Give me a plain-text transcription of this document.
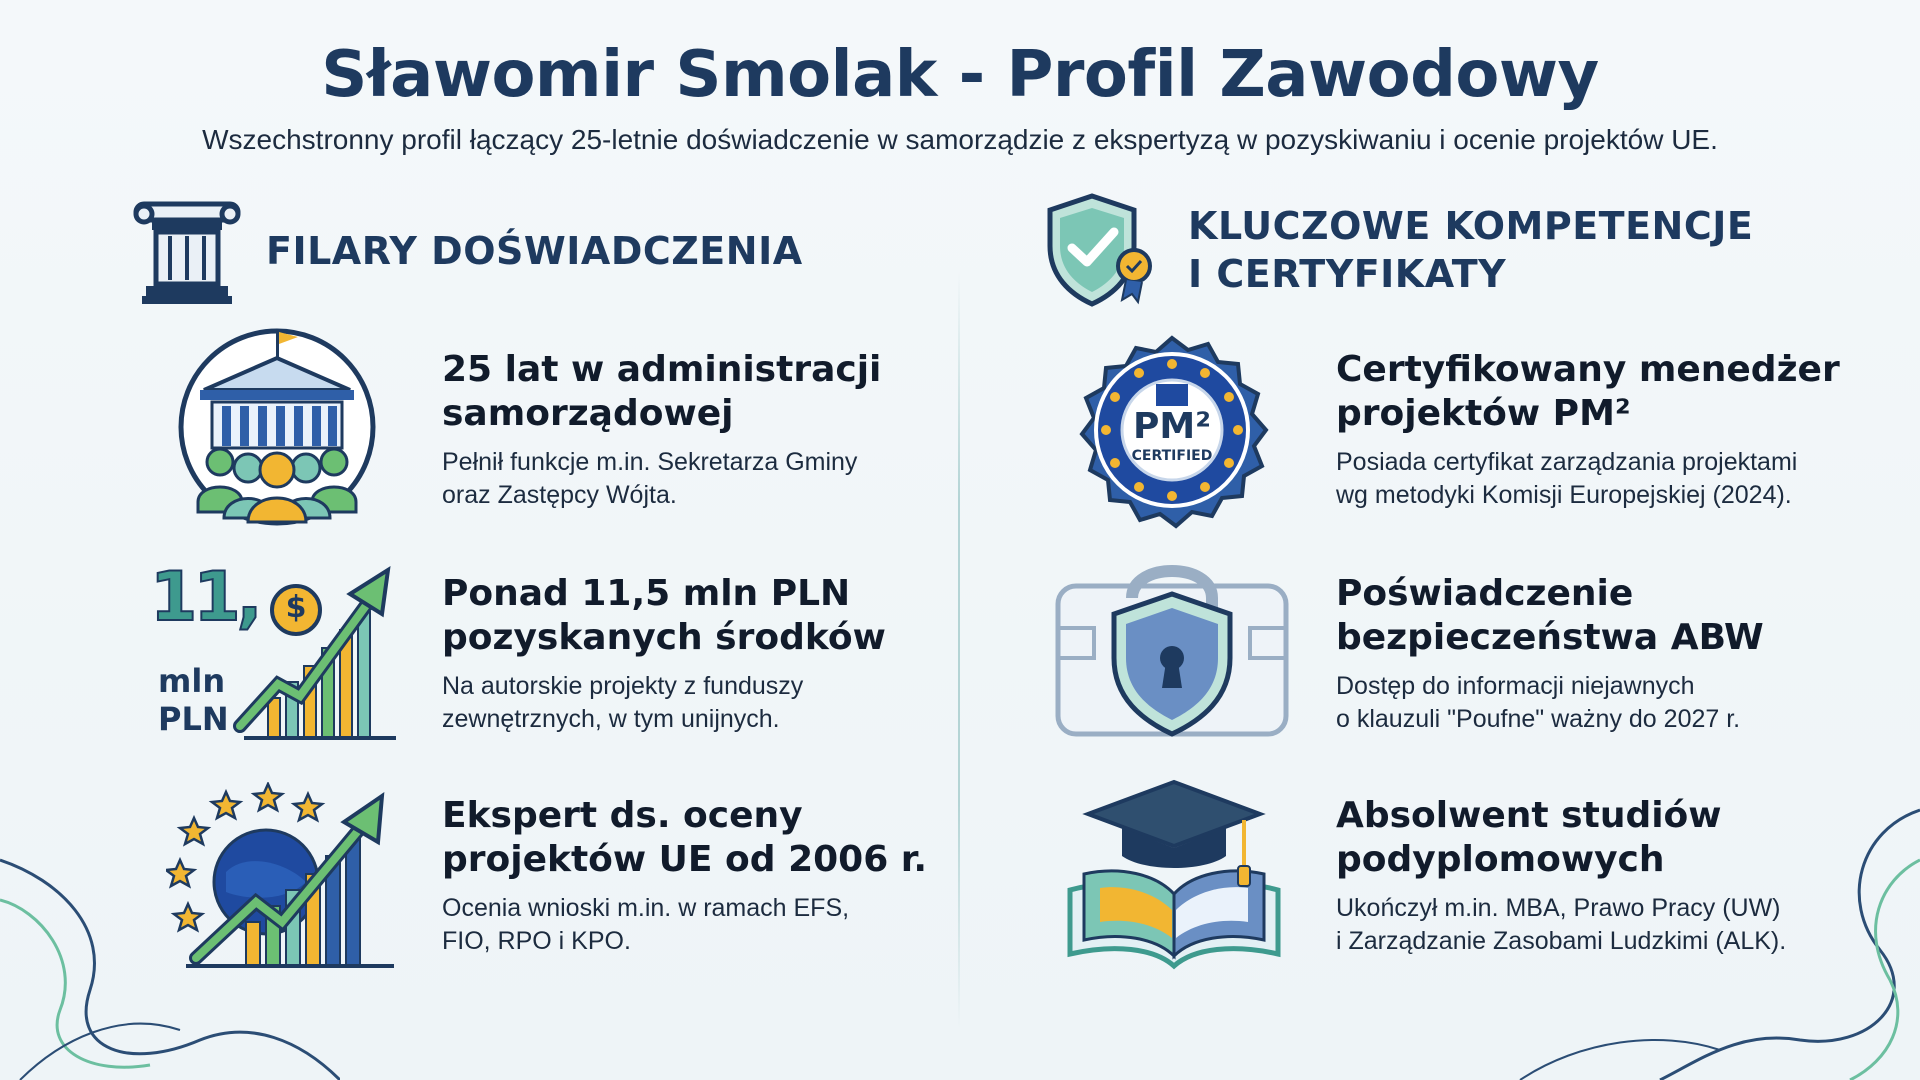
Sławomir Smolak - Profil Zawodowy
Wszechstronny profil łączący 25-letnie doświadczenie w samorządzie z ekspertyzą w pozyskiwaniu i ocenie projektów UE.
FILARY DOŚWIADCZENIA
KLUCZOWE KOMPETENCJE
I CERTYFIKATY
25 lat w administracji
samorządowej
Pełnił funkcje m.in. Sekretarza Gminy
oraz Zastępcy Wójta.
$
11,
mln
PLN
Ponad 11,5 mln PLN
pozyskanych środków
Na autorskie projekty z funduszy
zewnętrznych, w tym unijnych.
Ekspert ds. oceny
projektów UE od 2006 r.
Ocenia wnioski m.in. w ramach EFS,
FIO, RPO i KPO.
PM²
CERTIFIED
Certyfikowany menedżer
projektów PM²
Posiada certyfikat zarządzania projektami
wg metodyki Komisji Europejskiej (2024).
Poświadczenie
bezpieczeństwa ABW
Dostęp do informacji niejawnych
o klauzuli "Poufne" ważny do 2027 r.
Absolwent studiów
podyplomowych
Ukończył m.in. MBA, Prawo Pracy (UW)
i Zarządzanie Zasobami Ludzkimi (ALK).
